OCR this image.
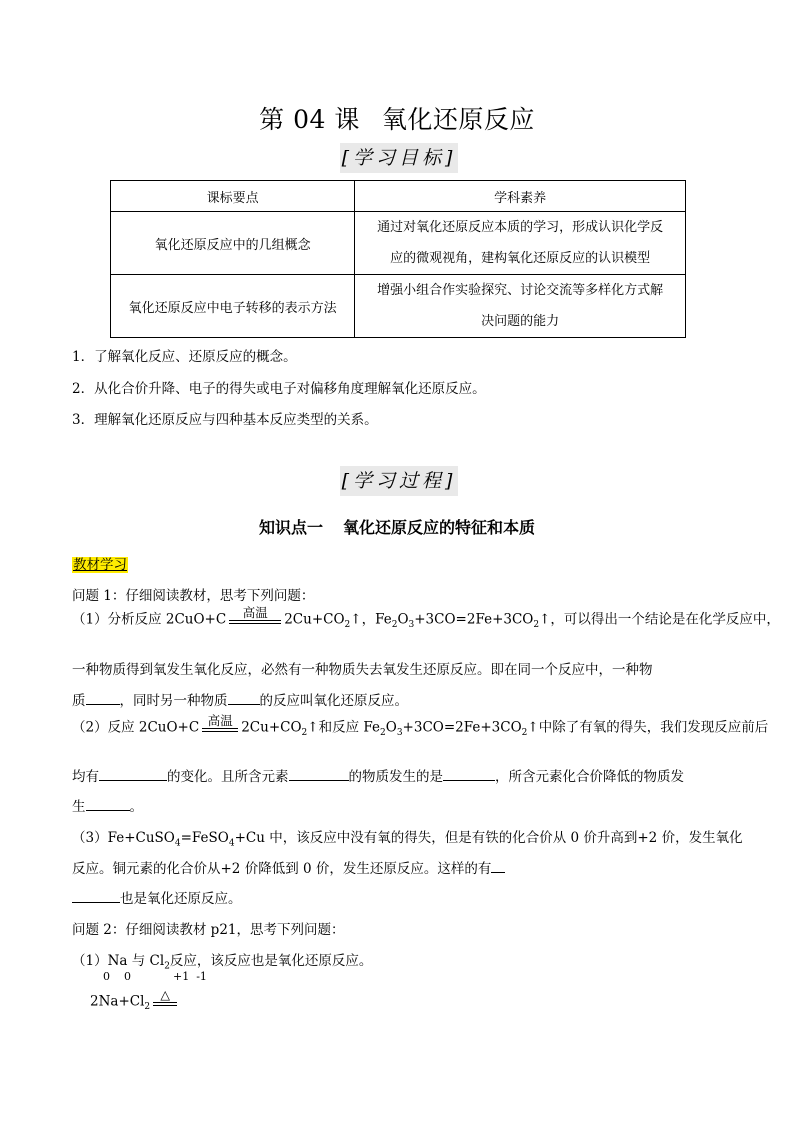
第 04 课 氧化还原反应
[学习目标]
课标要点	学科素养
氧化还原反应中的几组概念	通过对氧化还原反应本质的学习，形成认识化学反
应的微观视角，建构氧化还原反应的认识模型
氧化还原反应中电子转移的表示方法	增强小组合作实验探究、讨论交流等多样化方式解
决问题的能力
1．了解氧化反应、还原反应的概念。
2．从化合价升降、电子的得失或电子对偏移角度理解氧化还原反应。
3．理解氧化还原反应与四种基本反应类型的关系。
[学习过程]
知识点一 氧化还原反应的特征和本质
教材学习
问题 1：仔细阅读教材，思考下列问题：
（1）分析反应 2CuO+C	高温	$2Cu+CO_2↑$，$Fe_2O_3+3CO=2Fe+3CO_2↑$，可以得出一个结论是在化学反应中，
一种物质得到氧发生氧化反应，必然有一种物质失去氧发生还原反应。即在同一个反应中，一种物
质	，同时另一种物质 的反应叫氧化还原反应。
（2）反应 2CuO+C 高温 $2Cu+CO_2↑$和反应 $Fe_2O_3+3CO=2Fe+3CO_2↑$中除了有氧的得失，我们发现反应前后
均有	的变化。且所含元素	的物质发生的是	，所含元素化合价降低的物质发
生	。
（3）Fe+CuSO$_4$=FeSO$_4$+Cu 中，该反应中没有氧的得失，但是有铁的化合价从 0 价升高到+2 价，发生氧化
反应。铜元素的化合价从+2 价降低到 0 价，发生还原反应。这样的有
也是氧化还原反应。
问题 2：仔细阅读教材 p21，思考下列问题：
（1）Na 与 $Cl_2$反应，该反应也是氧化还原反应。
0    0	+1  -1
$2Na+Cl_2$
△
